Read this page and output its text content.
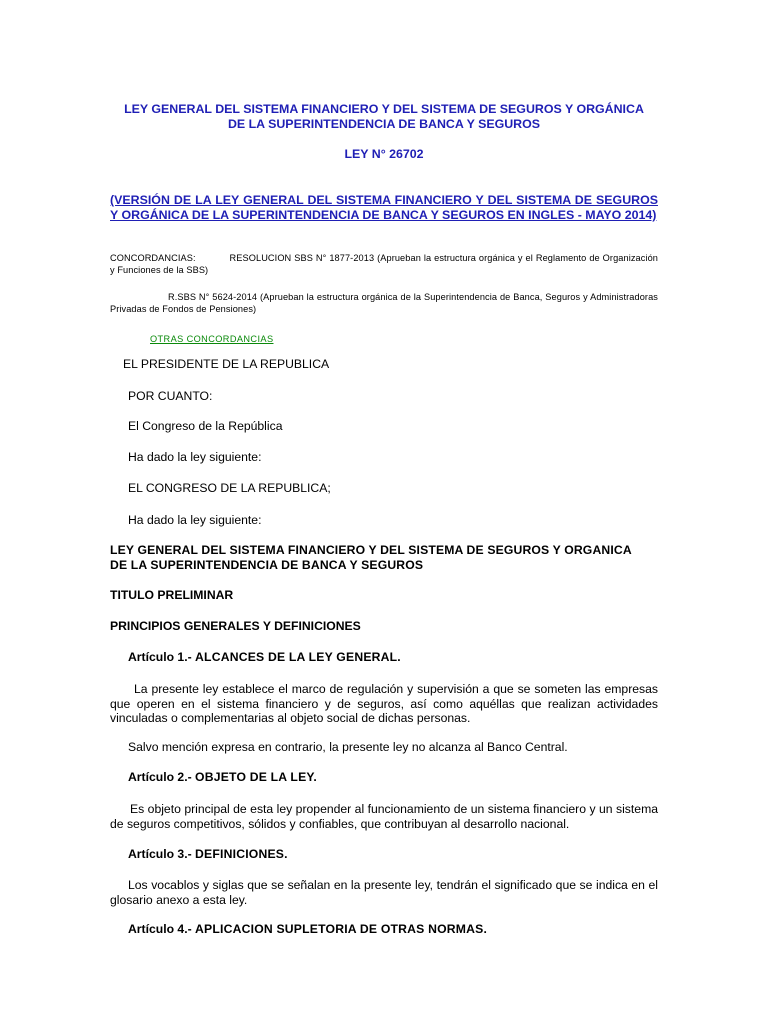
LEY GENERAL DEL SISTEMA FINANCIERO Y DEL SISTEMA DE SEGUROS Y ORGÁNICA
DE LA SUPERINTENDENCIA DE BANCA Y SEGUROS
LEY N° 26702
(VERSIÓN DE LA LEY GENERAL DEL SISTEMA FINANCIERO Y DEL SISTEMA DE SEGUROS Y ORGÁNICA DE LA SUPERINTENDENCIA DE BANCA Y SEGUROS EN INGLES - MAYO 2014)
CONCORDANCIAS:	RESOLUCION SBS N° 1877-2013 (Aprueban la estructura orgánica y el Reglamento de Organización y Funciones de la SBS)
R.SBS N° 5624-2014 (Aprueban la estructura orgánica de la Superintendencia de Banca, Seguros y Administradoras Privadas de Fondos de Pensiones)
OTRAS CONCORDANCIAS
EL PRESIDENTE DE LA REPUBLICA
POR CUANTO:
El Congreso de la República
Ha dado la ley siguiente:
EL CONGRESO DE LA REPUBLICA;
Ha dado la ley siguiente:
LEY GENERAL DEL SISTEMA FINANCIERO Y DEL SISTEMA DE SEGUROS Y ORGANICA
DE LA SUPERINTENDENCIA DE BANCA Y SEGUROS
TITULO PRELIMINAR
PRINCIPIOS GENERALES Y DEFINICIONES
Artículo 1.- ALCANCES DE LA LEY GENERAL.
La presente ley establece el marco de regulación y supervisión a que se someten las empresas que operen en el sistema financiero y de seguros, así como aquéllas que realizan actividades vinculadas o complementarias al objeto social de dichas personas.
Salvo mención expresa en contrario, la presente ley no alcanza al Banco Central.
Artículo 2.- OBJETO DE LA LEY.
Es objeto principal de esta ley propender al funcionamiento de un sistema financiero y un sistema de seguros competitivos, sólidos y confiables, que contribuyan al desarrollo nacional.
Artículo 3.- DEFINICIONES.
Los vocablos y siglas que se señalan en la presente ley, tendrán el significado que se indica en el glosario anexo a esta ley.
Artículo 4.- APLICACION SUPLETORIA DE OTRAS NORMAS.
